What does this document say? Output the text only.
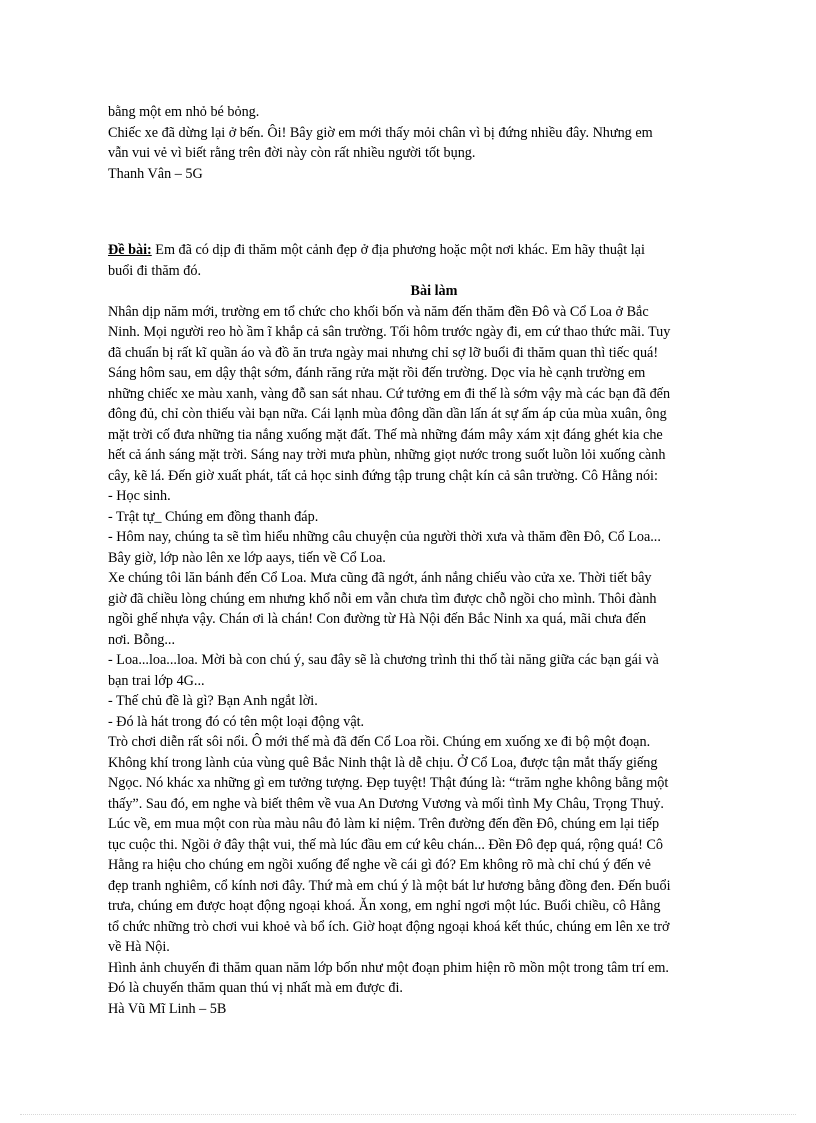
bằng một em nhỏ bé bỏng.
Chiếc xe đã dừng lại ở bến. Ôi! Bây giờ em mới thấy mỏi chân vì bị đứng nhiều đây. Nhưng em
vẫn vui vẻ vì biết rằng trên đời này còn rất nhiều người tốt bụng.
Thanh Vân – 5G
Đề bài: Em đã có dịp đi thăm một cảnh đẹp ở địa phương hoặc một nơi khác. Em hãy thuật lại
buổi đi thăm đó.
Bài làm
Nhân dịp năm mới, trường em tổ chức cho khối bốn và năm đến thăm đền Đô và Cổ Loa ở Bắc
Ninh. Mọi người reo hò ầm ĩ khắp cả sân trường. Tối hôm trước ngày đi, em cứ thao thức mãi. Tuy
đã chuẩn bị rất kĩ quần áo và đồ ăn trưa ngày mai nhưng chỉ sợ lỡ buổi đi thăm quan thì tiếc quá!
Sáng hôm sau, em dậy thật sớm, đánh răng rửa mặt rồi đến trường. Dọc vỉa hè cạnh trường em
những chiếc xe màu xanh, vàng đỗ san sát nhau. Cứ tưởng em đi thế là sớm vậy mà các bạn đã đến
đông đủ, chỉ còn thiếu vài bạn nữa. Cái lạnh mùa đông dần dần lấn át sự ấm áp của mùa xuân, ông
mặt trời cố đưa những tia nắng xuống mặt đất. Thế mà những đám mây xám xịt đáng ghét kia che
hết cả ánh sáng mặt trời. Sáng nay trời mưa phùn, những giọt nước trong suốt luồn lỏi xuống cành
cây, kẽ lá. Đến giờ xuất phát, tất cả học sinh đứng tập trung chật kín cả sân trường. Cô Hằng nói:
- Học sinh.
- Trật tự_ Chúng em đồng thanh đáp.
- Hôm nay, chúng ta sẽ tìm hiểu những câu chuyện của người thời xưa và thăm đền Đô, Cổ Loa...
Bây giờ, lớp nào lên xe lớp aays, tiến về Cổ Loa.
Xe chúng tôi lăn bánh đến Cổ Loa. Mưa cũng đã ngớt, ánh nắng chiếu vào cửa xe. Thời tiết bây
giờ đã chiều lòng chúng em nhưng khổ nỗi em vẫn chưa tìm được chỗ ngồi cho mình. Thôi đành
ngồi ghế nhựa vậy. Chán ơi là chán! Con đường từ Hà Nội đến Bắc Ninh xa quá, mãi chưa đến
nơi. Bỗng...
- Loa...loa...loa. Mời bà con chú ý, sau đây sẽ là chương trình thi thố tài năng giữa các bạn gái và
bạn trai lớp 4G...
- Thế chủ đề là gì? Bạn Anh ngắt lời.
- Đó là hát trong đó có tên một loại động vật.
Trò chơi diễn rất sôi nổi. Ô mới thế mà đã đến Cổ Loa rồi. Chúng em xuống xe đi bộ một đoạn.
Không khí trong lành của vùng quê Bắc Ninh thật là dễ chịu. Ở Cổ Loa, được tận mắt thấy giếng
Ngọc. Nó khác xa những gì em tưởng tượng. Đẹp tuyệt! Thật đúng là: “trăm nghe không bằng một
thấy”. Sau đó, em nghe và biết thêm về vua An Dương Vương và mối tình My Châu, Trọng Thuỷ.
Lúc về, em mua một con rùa màu nâu đỏ làm kỉ niệm. Trên đường đến đền Đô, chúng em lại tiếp
tục cuộc thi. Ngồi ở đây thật vui, thế mà lúc đầu em cứ kêu chán... Đền Đô đẹp quá, rộng quá! Cô
Hằng ra hiệu cho chúng em ngồi xuống để nghe về cái gì đó? Em không rõ mà chỉ chú ý đến vẻ
đẹp tranh nghiêm, cổ kính nơi đây. Thứ mà em chú ý là một bát lư hương bằng đồng đen. Đến buổi
trưa, chúng em được hoạt động ngoại khoá. Ăn xong, em nghỉ ngơi một lúc. Buổi chiều, cô Hằng
tổ chức những trò chơi vui khoẻ và bổ ích. Giờ hoạt động ngoại khoá kết thúc, chúng em lên xe trở
về Hà Nội.
Hình ảnh chuyến đi thăm quan năm lớp bốn như một đoạn phim hiện rõ mồn một trong tâm trí em.
Đó là chuyến thăm quan thú vị nhất mà em được đi.
Hà Vũ Mĩ Linh – 5B
